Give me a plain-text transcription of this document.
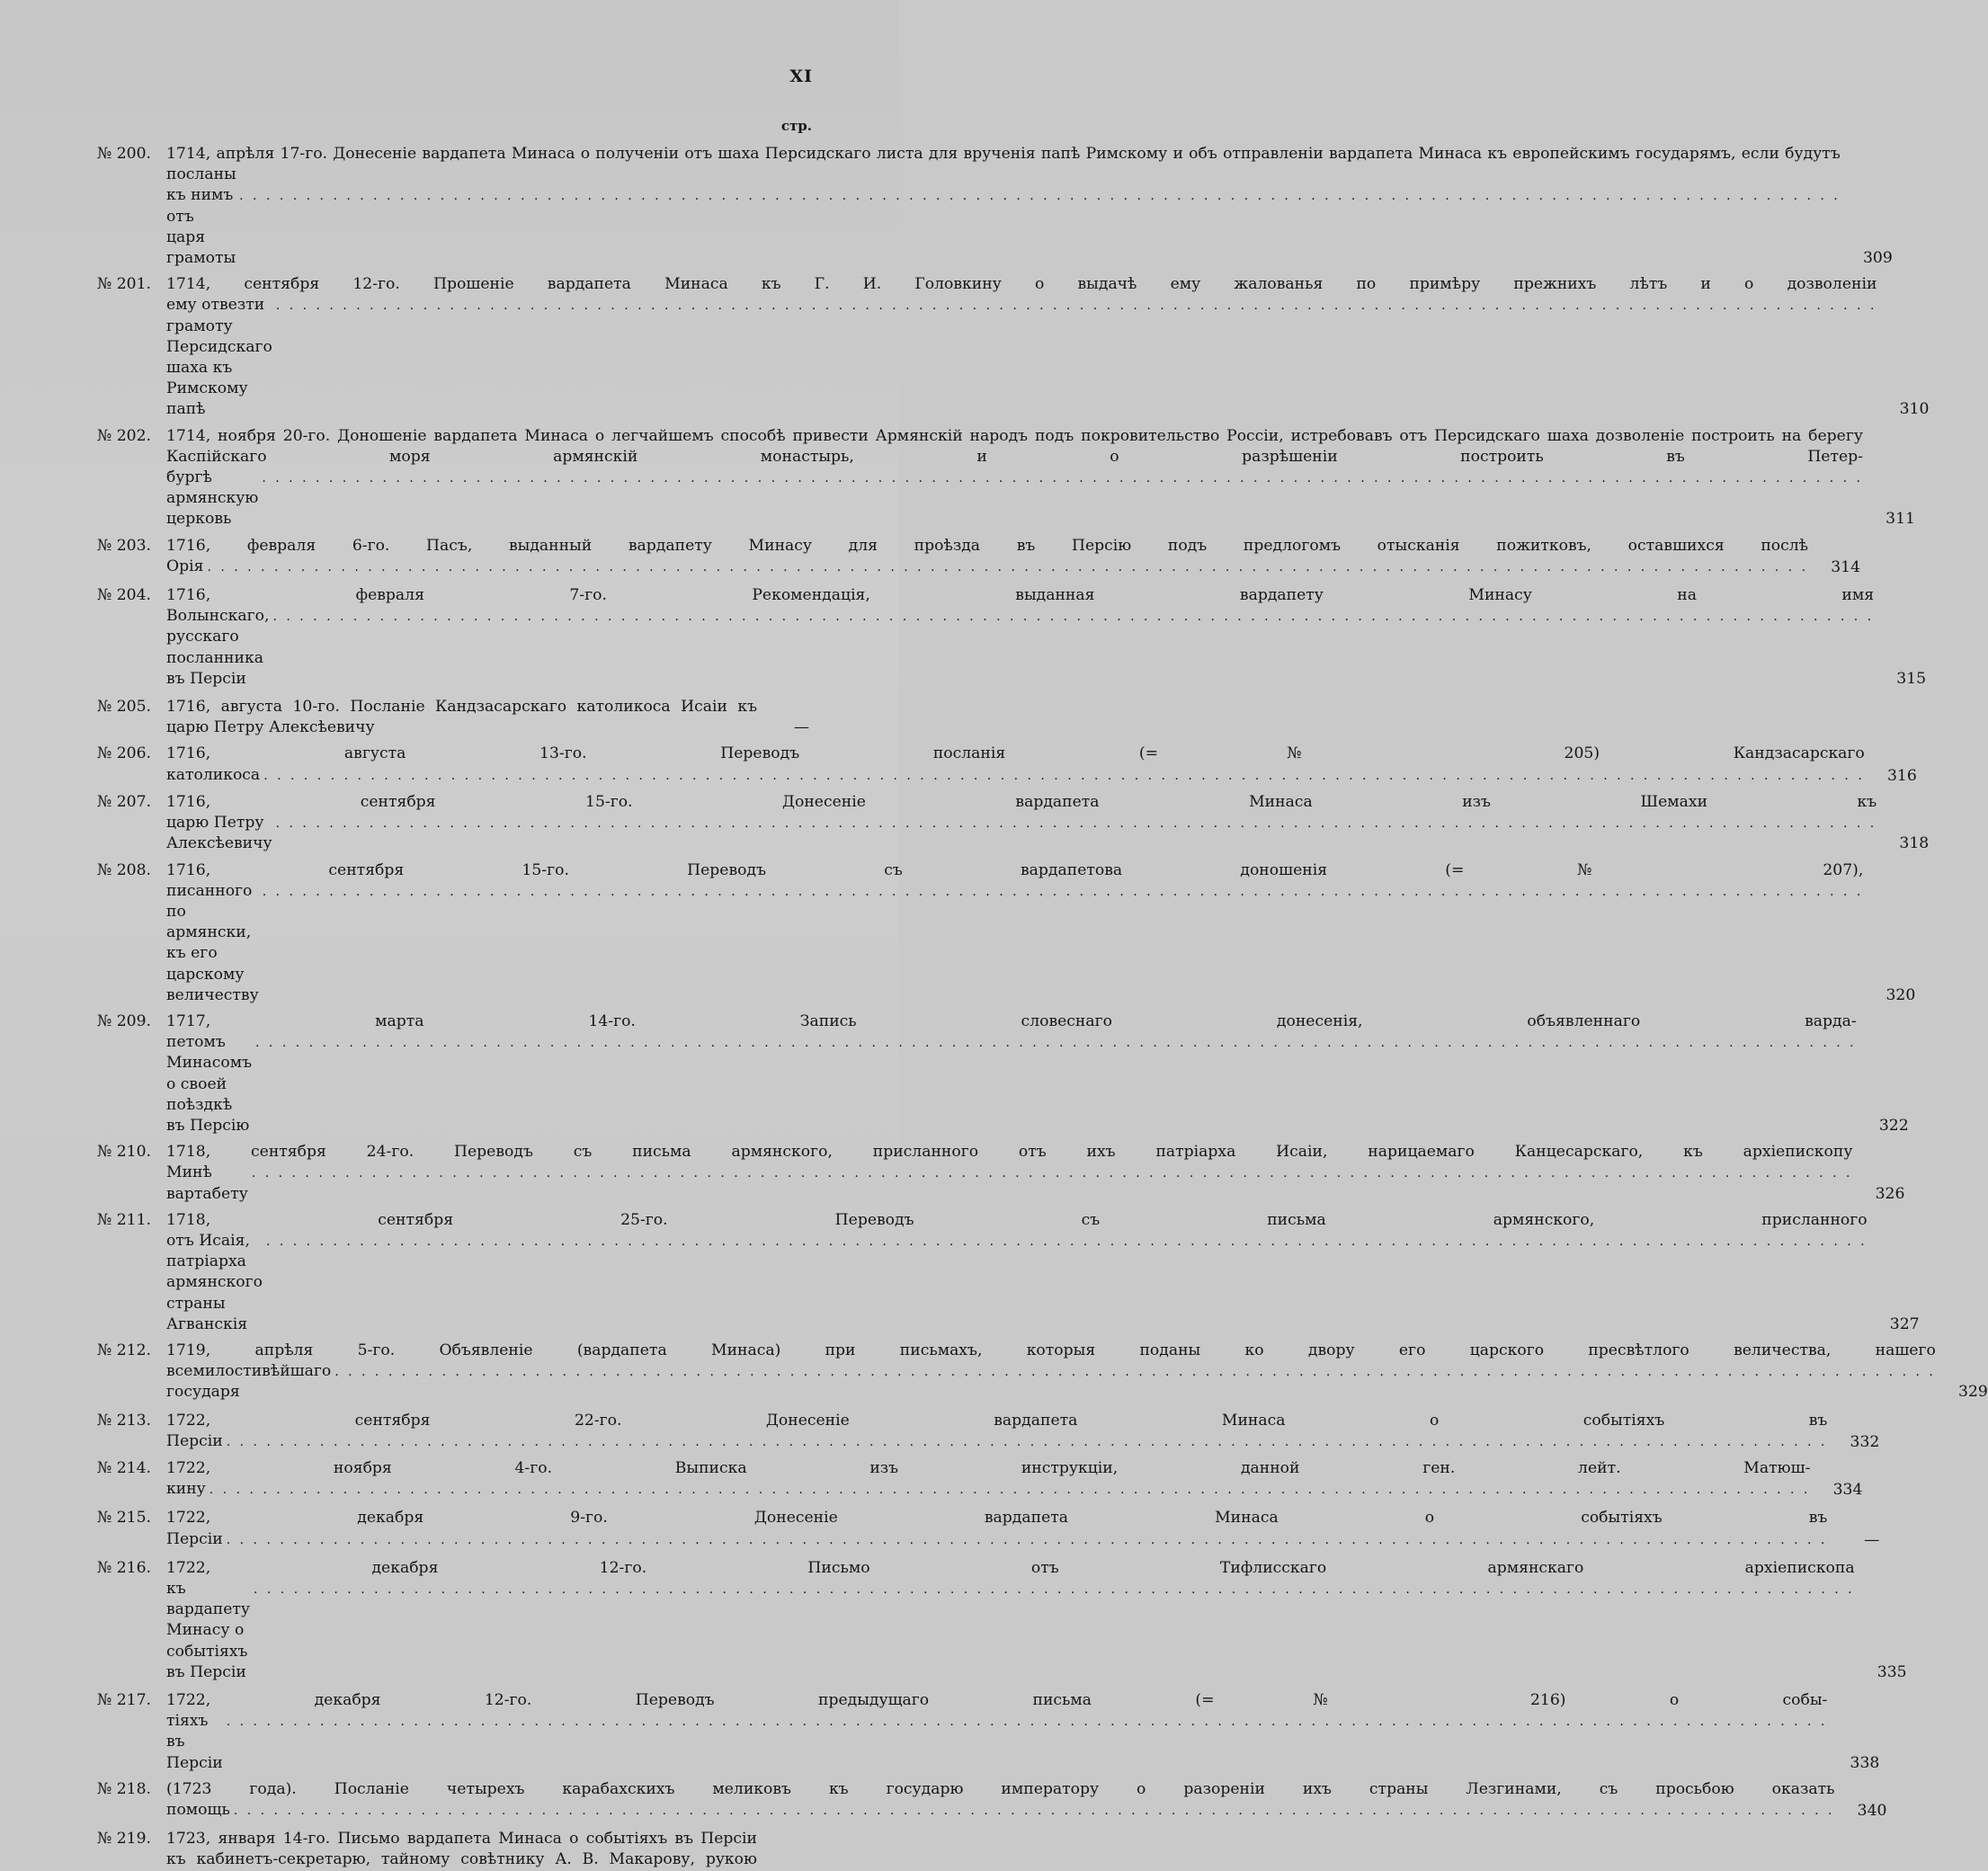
XI
стр.
№ 200. 1714, апрѣля 17-го. Донесеніе вардапета Минаса о полученіи отъ шаха Персидскаго листа для врученія папѣ Римскому и объ отправленіи вардапета Минаса къ европейскимъ государямъ, если будутъ посланы
къ нимъ отъ царя грамоты
. . . . . . . . . . . . . . . . . . . . . . . . . . . . . . . . . . . . . . . . . . . . . . . . . . . . . . . . . . . . . . . . . . . . . . . . . . . . . . . . . . . . . . . . . . . . . . . . . . . . . . . . . . . . . . . . . . . . . . . .
309
№ 201. 1714, сентября 12-го. Прошеніе вардапета Минаса къ Г. И. Головкину о выдачѣ ему жалованья по примѣру прежнихъ лѣтъ и о дозволеніи
ему отвезти грамоту Персидскаго шаха къ Римскому папѣ
. . . . . . . . . . . . . . . . . . . . . . . . . . . . . . . . . . . . . . . . . . . . . . . . . . . . . . . . . . . . . . . . . . . . . . . . . . . . . . . . . . . . . . . . . . . . . . . . . . . . . . . . . . . . . . . . . . . . . . . .
310
№ 202. 1714, ноября 20-го. Доношеніе вардапета Минаса о легчайшемъ способѣ привести Армянскій народъ подъ покровительство Россіи, истребовавъ отъ Персидскаго шаха дозволеніе построить на берегу Каспійскаго моря армянскій монастырь, и о разрѣшеніи построить въ Петер-
бургѣ армянскую церковь
. . . . . . . . . . . . . . . . . . . . . . . . . . . . . . . . . . . . . . . . . . . . . . . . . . . . . . . . . . . . . . . . . . . . . . . . . . . . . . . . . . . . . . . . . . . . . . . . . . . . . . . . . . . . . . . . . . . . . . . .
311
№ 203. 1716, февраля 6-го. Пасъ, выданный вардапету Минасу для проѣзда въ Персію подъ предлогомъ отысканія пожитковъ, оставшихся послѣ
Орія . . . . . . . . . . . . . . . . . . . . . . . . . . . . . . . . . . . . . . . . . . . . . . . . . . . . . . . . . . . . . . . . . . . . . . . . . . . . . . . . . . . . . . . . . . . . . . . . . . . . . . . . . . . . . . . . . . . . . . . .	314
№ 204. 1716, февраля 7-го. Рекомендація, выданная вардапету Минасу на имя
Волынскаго, русскаго посланника въ Персіи
. . . . . . . . . . . . . . . . . . . . . . . . . . . . . . . . . . . . . . . . . . . . . . . . . . . . . . . . . . . . . . . . . . . . . . . . . . . . . . . . . . . . . . . . . . . . . . . . . . . . . . . . . . . . . . . . . . . . . . . .
315
№ 205. 1716, августа 10-го. Посланіе Кандзасарскаго католикоса Исаіи къ
царю Петру Алексѣевичу	—
№ 206. 1716, августа 13-го. Переводъ посланія (=№ 205) Кандзасарскаго
католикоса . . . . . . . . . . . . . . . . . . . . . . . . . . . . . . . . . . . . . . . . . . . . . . . . . . . . . . . . . . . . . . . . . . . . . . . . . . . . . . . . . . . . . . . . . . . . . . . . . . . . . . . . . . . . . . . . . . . . . . . .	316
№ 207. 1716, сентября 15-го. Донесеніе вардапета Минаса изъ Шемахи къ
царю Петру Алексѣевичу
. . . . . . . . . . . . . . . . . . . . . . . . . . . . . . . . . . . . . . . . . . . . . . . . . . . . . . . . . . . . . . . . . . . . . . . . . . . . . . . . . . . . . . . . . . . . . . . . . . . . . . . . . . . . . . . . . . . . . . . .
318
№ 208. 1716, сентября 15-го. Переводъ съ вардапетова доношенія (=№ 207),
писанного по армянски, къ его царскому величеству
. . . . . . . . . . . . . . . . . . . . . . . . . . . . . . . . . . . . . . . . . . . . . . . . . . . . . . . . . . . . . . . . . . . . . . . . . . . . . . . . . . . . . . . . . . . . . . . . . . . . . . . . . . . . . . . . . . . . . . . .
320
№ 209. 1717, марта 14-го. Запись словеснаго донесенія, объявленнаго варда-
петомъ Минасомъ о своей поѣздкѣ въ Персію
. . . . . . . . . . . . . . . . . . . . . . . . . . . . . . . . . . . . . . . . . . . . . . . . . . . . . . . . . . . . . . . . . . . . . . . . . . . . . . . . . . . . . . . . . . . . . . . . . . . . . . . . . . . . . . . . . . . . . . . .
322
№ 210. 1718, сентября 24-го. Переводъ съ письма армянского, присланного отъ ихъ патріарха Исаіи, нарицаемаго Канцесарскаго, къ архіепископу
Минѣ вартабету
. . . . . . . . . . . . . . . . . . . . . . . . . . . . . . . . . . . . . . . . . . . . . . . . . . . . . . . . . . . . . . . . . . . . . . . . . . . . . . . . . . . . . . . . . . . . . . . . . . . . . . . . . . . . . . . . . . . . . . . .
326
№ 211. 1718, сентября 25-го. Переводъ съ письма армянского, присланного
отъ Исаія, патріарха армянского страны Агванскія
. . . . . . . . . . . . . . . . . . . . . . . . . . . . . . . . . . . . . . . . . . . . . . . . . . . . . . . . . . . . . . . . . . . . . . . . . . . . . . . . . . . . . . . . . . . . . . . . . . . . . . . . . . . . . . . . . . . . . . . .
327
№ 212. 1719, апрѣля 5-го. Объявленіе (вардапета Минаса) при письмахъ, которыя поданы ко двору его царского пресвѣтлого величества, нашего
всемилостивѣйшаго государя
. . . . . . . . . . . . . . . . . . . . . . . . . . . . . . . . . . . . . . . . . . . . . . . . . . . . . . . . . . . . . . . . . . . . . . . . . . . . . . . . . . . . . . . . . . . . . . . . . . . . . . . . . . . . . . . . . . . . . . . .
329
№ 213. 1722, сентября 22-го. Донесеніе вардапета Минаса о событіяхъ въ
Персіи . . . . . . . . . . . . . . . . . . . . . . . . . . . . . . . . . . . . . . . . . . . . . . . . . . . . . . . . . . . . . . . . . . . . . . . . . . . . . . . . . . . . . . . . . . . . . . . . . . . . . . . . . . . . . . . . . . . . . . . .	332
№ 214. 1722, ноября 4-го. Выписка изъ инструкціи, данной ген. лейт. Матюш-
кину . . . . . . . . . . . . . . . . . . . . . . . . . . . . . . . . . . . . . . . . . . . . . . . . . . . . . . . . . . . . . . . . . . . . . . . . . . . . . . . . . . . . . . . . . . . . . . . . . . . . . . . . . . . . . . . . . . . . . . . .	334
№ 215. 1722, декабря 9-го. Донесеніе вардапета Минаса о событіяхъ въ
Персіи . . . . . . . . . . . . . . . . . . . . . . . . . . . . . . . . . . . . . . . . . . . . . . . . . . . . . . . . . . . . . . . . . . . . . . . . . . . . . . . . . . . . . . . . . . . . . . . . . . . . . . . . . . . . . . . . . . . . . . . .	—
№ 216. 1722, декабря 12-го. Письмо отъ Тифлисскаго армянскаго архіепископа
къ вардапету Минасу о событіяхъ въ Персіи
. . . . . . . . . . . . . . . . . . . . . . . . . . . . . . . . . . . . . . . . . . . . . . . . . . . . . . . . . . . . . . . . . . . . . . . . . . . . . . . . . . . . . . . . . . . . . . . . . . . . . . . . . . . . . . . . . . . . . . . .
335
№ 217. 1722, декабря 12-го. Переводъ предыдущаго письма (=№ 216) о собы-
тіяхъ въ Персіи
. . . . . . . . . . . . . . . . . . . . . . . . . . . . . . . . . . . . . . . . . . . . . . . . . . . . . . . . . . . . . . . . . . . . . . . . . . . . . . . . . . . . . . . . . . . . . . . . . . . . . . . . . . . . . . . . . . . . . . . .
338
№ 218. (1723 года). Посланіе четырехъ карабахскихъ меликовъ къ государю императору о разореніи ихъ страны Лезгинами, съ просьбою оказать
помощь . . . . . . . . . . . . . . . . . . . . . . . . . . . . . . . . . . . . . . . . . . . . . . . . . . . . . . . . . . . . . . . . . . . . . . . . . . . . . . . . . . . . . . . . . . . . . . . . . . . . . . . . . . . . . . . . . . . . . . . .	340
№ 219. 1723, января 14-го. Письмо вардапета Минаса о событіяхъ въ Персіи къ кабинетъ-секретарю, тайному совѣтнику А. В. Макарову, рукою
